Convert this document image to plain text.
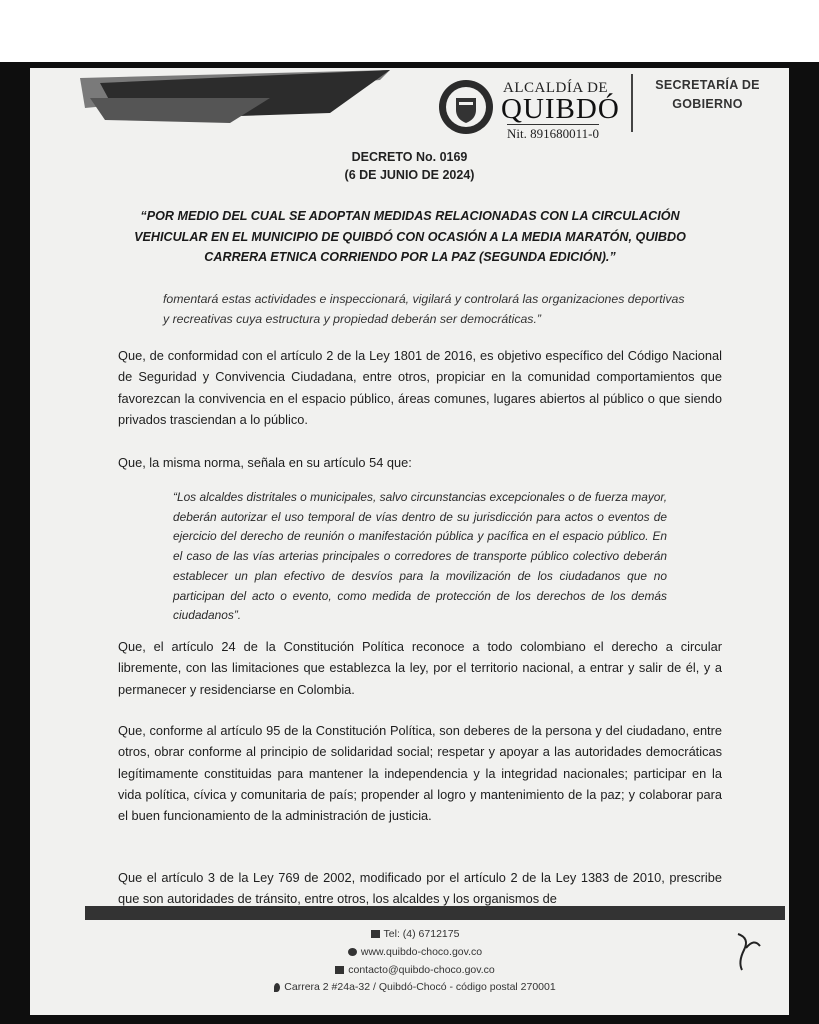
ALCALDÍA DE
QUIBDÓ
Nit. 891680011-0
SECRETARÍA DE GOBIERNO
DECRETO No. 0169
(6 DE JUNIO DE 2024)
“POR MEDIO DEL CUAL SE ADOPTAN MEDIDAS RELACIONADAS CON LA CIRCULACIÓN VEHICULAR EN EL MUNICIPIO DE QUIBDÓ CON OCASIÓN A LA MEDIA MARATÓN, QUIBDO CARRERA ETNICA CORRIENDO POR LA PAZ (SEGUNDA EDICIÓN).”
fomentará estas actividades e inspeccionará, vigilará y controlará las organizaciones deportivas y recreativas cuya estructura y propiedad deberán ser democráticas.”

Que, de conformidad con el artículo 2 de la Ley 1801 de 2016, es objetivo específico del Código Nacional de Seguridad y Convivencia Ciudadana, entre otros, propiciar en la comunidad comportamientos que favorezcan la convivencia en el espacio público, áreas comunes, lugares abiertos al público o que siendo privados trasciendan a lo público.

Que, la misma norma, señala en su artículo 54 que:

“Los alcaldes distritales o municipales, salvo circunstancias excepcionales o de fuerza mayor, deberán autorizar el uso temporal de vías dentro de su jurisdicción para actos o eventos de ejercicio del derecho de reunión o manifestación pública y pacífica en el espacio público. En el caso de las vías arterias principales o corredores de transporte público colectivo deberán establecer un plan efectivo de desvíos para la movilización de los ciudadanos que no participan del acto o evento, como medida de protección de los derechos de los demás ciudadanos”.

Que, el artículo 24 de la Constitución Política reconoce a todo colombiano el derecho a circular libremente, con las limitaciones que establezca la ley, por el territorio nacional, a entrar y salir de él, y a permanecer y residenciarse en Colombia.

Que, conforme al artículo 95 de la Constitución Política, son deberes de la persona y del ciudadano, entre otros, obrar conforme al principio de solidaridad social; respetar y apoyar a las autoridades democráticas legítimamente constituidas para mantener la independencia y la integridad nacionales; participar en la vida política, cívica y comunitaria de país; propender al logro y mantenimiento de la paz; y colaborar para el buen funcionamiento de la administración de justicia.

Que el artículo 3 de la Ley 769 de 2002, modificado por el artículo 2 de la Ley 1383 de 2010, prescribe que son autoridades de tránsito, entre otros, los alcaldes y los organismos de

Tel: (4) 6712175
www.quibdo-choco.gov.co
contacto@quibdo-choco.gov.co
Carrera 2 #24a-32 / Quibdó-Chocó - código postal 270001
